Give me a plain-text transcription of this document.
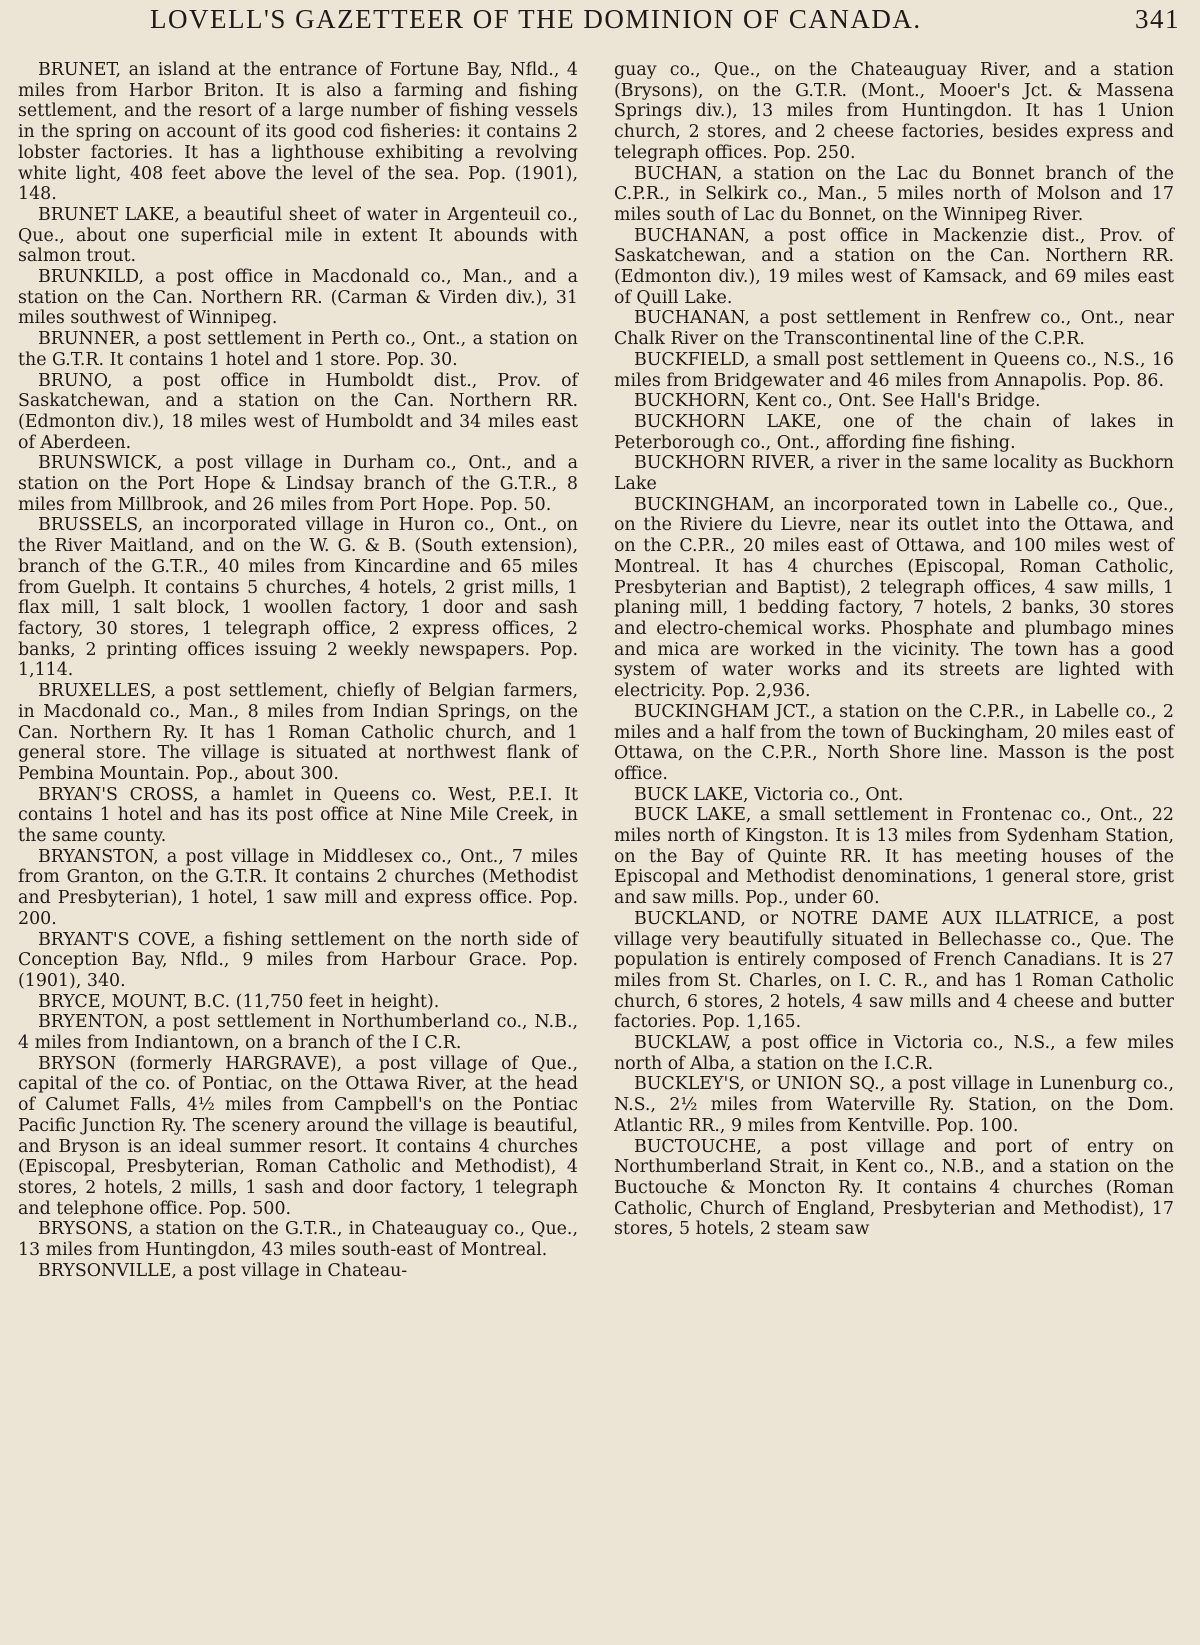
LOVELL'S GAZETTEER OF THE DOMINION OF CANADA.	341

BRUNET, an island at the entrance of Fortune Bay, Nfld., 4 miles from Harbor Briton. It is also a farming and fishing settlement, and the resort of a large number of fishing vessels in the spring on account of its good cod fisheries: it contains 2 lobster factories. It has a lighthouse exhibiting a revolving white light, 408 feet above the level of the sea. Pop. (1901), 148.

BRUNET LAKE, a beautiful sheet of water in Argenteuil co., Que., about one superficial mile in extent It abounds with salmon trout.

BRUNKILD, a post office in Macdonald co., Man., and a station on the Can. Northern RR. (Carman & Virden div.), 31 miles southwest of Winnipeg.

BRUNNER, a post settlement in Perth co., Ont., a station on the G.T.R. It contains 1 hotel and 1 store. Pop. 30.

BRUNO, a post office in Humboldt dist., Prov. of Saskatchewan, and a station on the Can. Northern RR. (Edmonton div.), 18 miles west of Humboldt and 34 miles east of Aberdeen.

BRUNSWICK, a post village in Durham co., Ont., and a station on the Port Hope & Lindsay branch of the G.T.R., 8 miles from Millbrook, and 26 miles from Port Hope. Pop. 50.

BRUSSELS, an incorporated village in Huron co., Ont., on the River Maitland, and on the W. G. & B. (South extension), branch of the G.T.R., 40 miles from Kincardine and 65 miles from Guelph. It contains 5 churches, 4 hotels, 2 grist mills, 1 flax mill, 1 salt block, 1 woollen factory, 1 door and sash factory, 30 stores, 1 telegraph office, 2 express offices, 2 banks, 2 printing offices issuing 2 weekly newspapers. Pop. 1,114.

BRUXELLES, a post settlement, chiefly of Belgian farmers, in Macdonald co., Man., 8 miles from Indian Springs, on the Can. Northern Ry. It has 1 Roman Catholic church, and 1 general store. The village is situated at northwest flank of Pembina Mountain. Pop., about 300.

BRYAN'S CROSS, a hamlet in Queens co. West, P.E.I. It contains 1 hotel and has its post office at Nine Mile Creek, in the same county.

BRYANSTON, a post village in Middlesex co., Ont., 7 miles from Granton, on the G.T.R. It contains 2 churches (Methodist and Presbyterian), 1 hotel, 1 saw mill and express office. Pop. 200.

BRYANT'S COVE, a fishing settlement on the north side of Conception Bay, Nfld., 9 miles from Harbour Grace. Pop. (1901), 340.

BRYCE, MOUNT, B.C. (11,750 feet in height).

BRYENTON, a post settlement in Northumberland co., N.B., 4 miles from Indiantown, on a branch of the I C.R.

BRYSON (formerly HARGRAVE), a post village of Que., capital of the co. of Pontiac, on the Ottawa River, at the head of Calumet Falls, 4½ miles from Campbell's on the Pontiac Pacific Junction Ry. The scenery around the village is beautiful, and Bryson is an ideal summer resort. It contains 4 churches (Episcopal, Presbyterian, Roman Catholic and Methodist), 4 stores, 2 hotels, 2 mills, 1 sash and door factory, 1 telegraph and telephone office. Pop. 500.

BRYSONS, a station on the G.T.R., in Chateauguay co., Que., 13 miles from Huntingdon, 43 miles south-east of Montreal.

BRYSONVILLE, a post village in Chateau-

guay co., Que., on the Chateauguay River, and a station (Brysons), on the G.T.R. (Mont., Mooer's Jct. & Massena Springs div.), 13 miles from Huntingdon. It has 1 Union church, 2 stores, and 2 cheese factories, besides express and telegraph offices. Pop. 250.

BUCHAN, a station on the Lac du Bonnet branch of the C.P.R., in Selkirk co., Man., 5 miles north of Molson and 17 miles south of Lac du Bonnet, on the Winnipeg River.

BUCHANAN, a post office in Mackenzie dist., Prov. of Saskatchewan, and a station on the Can. Northern RR. (Edmonton div.), 19 miles west of Kamsack, and 69 miles east of Quill Lake.

BUCHANAN, a post settlement in Renfrew co., Ont., near Chalk River on the Transcontinental line of the C.P.R.

BUCKFIELD, a small post settlement in Queens co., N.S., 16 miles from Bridgewater and 46 miles from Annapolis. Pop. 86.

BUCKHORN, Kent co., Ont. See Hall's Bridge.

BUCKHORN LAKE, one of the chain of lakes in Peterborough co., Ont., affording fine fishing.

BUCKHORN RIVER, a river in the same locality as Buckhorn Lake

BUCKINGHAM, an incorporated town in Labelle co., Que., on the Riviere du Lievre, near its outlet into the Ottawa, and on the C.P.R., 20 miles east of Ottawa, and 100 miles west of Montreal. It has 4 churches (Episcopal, Roman Catholic, Presbyterian and Baptist), 2 telegraph offices, 4 saw mills, 1 planing mill, 1 bedding factory, 7 hotels, 2 banks, 30 stores and electro-chemical works. Phosphate and plumbago mines and mica are worked in the vicinity. The town has a good system of water works and its streets are lighted with electricity. Pop. 2,936.

BUCKINGHAM JCT., a station on the C.P.R., in Labelle co., 2 miles and a half from the town of Buckingham, 20 miles east of Ottawa, on the C.P.R., North Shore line. Masson is the post office.

BUCK LAKE, Victoria co., Ont.

BUCK LAKE, a small settlement in Frontenac co., Ont., 22 miles north of Kingston. It is 13 miles from Sydenham Station, on the Bay of Quinte RR. It has meeting houses of the Episcopal and Methodist denominations, 1 general store, grist and saw mills. Pop., under 60.

BUCKLAND, or NOTRE DAME AUX ILLATRICE, a post village very beautifully situated in Bellechasse co., Que. The population is entirely composed of French Canadians. It is 27 miles from St. Charles, on I. C. R., and has 1 Roman Catholic church, 6 stores, 2 hotels, 4 saw mills and 4 cheese and butter factories. Pop. 1,165.

BUCKLAW, a post office in Victoria co., N.S., a few miles north of Alba, a station on the I.C.R.

BUCKLEY'S, or UNION SQ., a post village in Lunenburg co., N.S., 2½ miles from Waterville Ry. Station, on the Dom. Atlantic RR., 9 miles from Kentville. Pop. 100.

BUCTOUCHE, a post village and port of entry on Northumberland Strait, in Kent co., N.B., and a station on the Buctouche & Moncton Ry. It contains 4 churches (Roman Catholic, Church of England, Presbyterian and Methodist), 17 stores, 5 hotels, 2 steam saw
